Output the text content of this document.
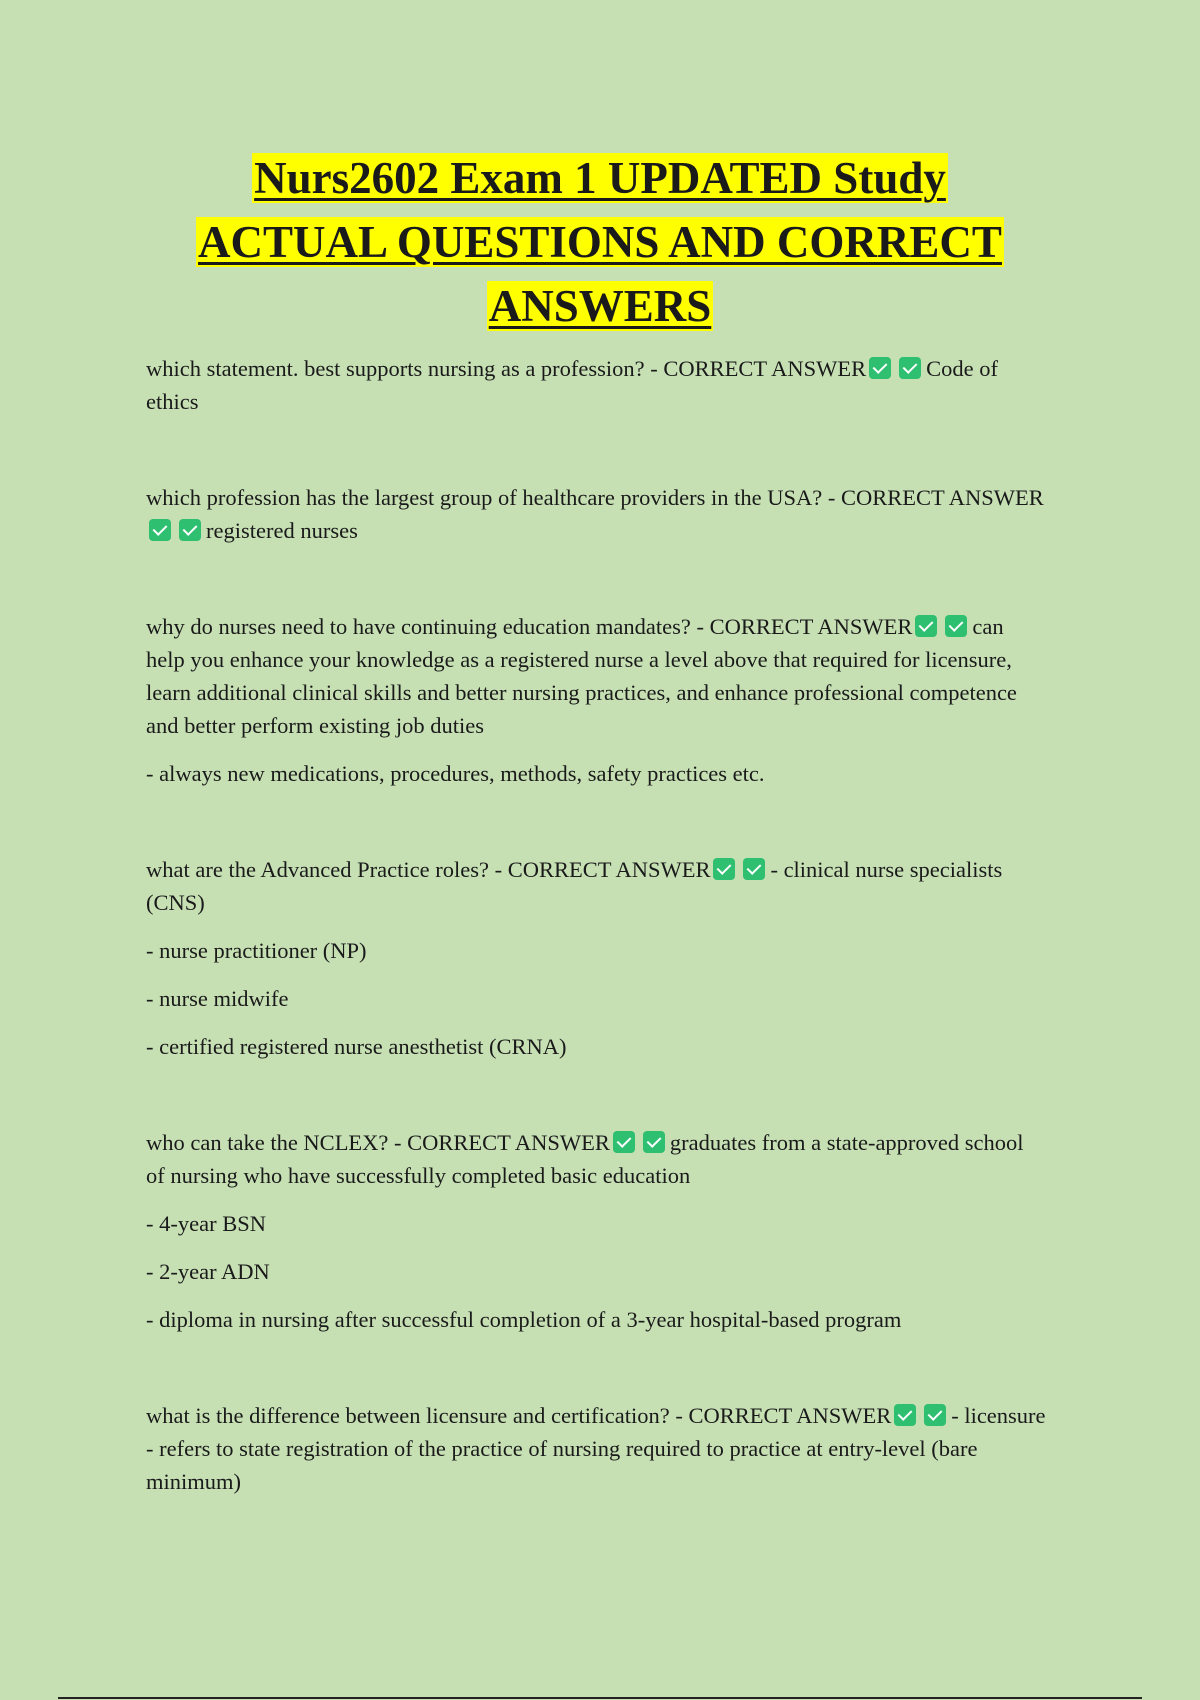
Nurs2602 Exam 1 UPDATED Study
ACTUAL QUESTIONS AND CORRECT
ANSWERS

which statement. best supports nursing as a profession? - CORRECT ANSWER	Code of ethics

which profession has the largest group of healthcare providers in the USA? - CORRECT ANSWERregistered nurses

why do nurses need to have continuing education mandates? - CORRECT ANSWER	can help you enhance your knowledge as a registered nurse a level above that required for licensure, learn additional clinical skills and better nursing practices, and enhance professional competence and better perform existing job duties

- always new medications, procedures, methods, safety practices etc.

what are the Advanced Practice roles? - CORRECT ANSWER	- clinical nurse specialists (CNS)

- nurse practitioner (NP)

- nurse midwife

- certified registered nurse anesthetist (CRNA)

who can take the NCLEX? - CORRECT ANSWER	graduates from a state-approved school of nursing who have successfully completed basic education

- 4-year BSN

- 2-year ADN

- diploma in nursing after successful completion of a 3-year hospital-based program

what is the difference between licensure and certification? - CORRECT ANSWER	- licensure - refers to state registration of the practice of nursing required to practice at entry-level (bare minimum)
